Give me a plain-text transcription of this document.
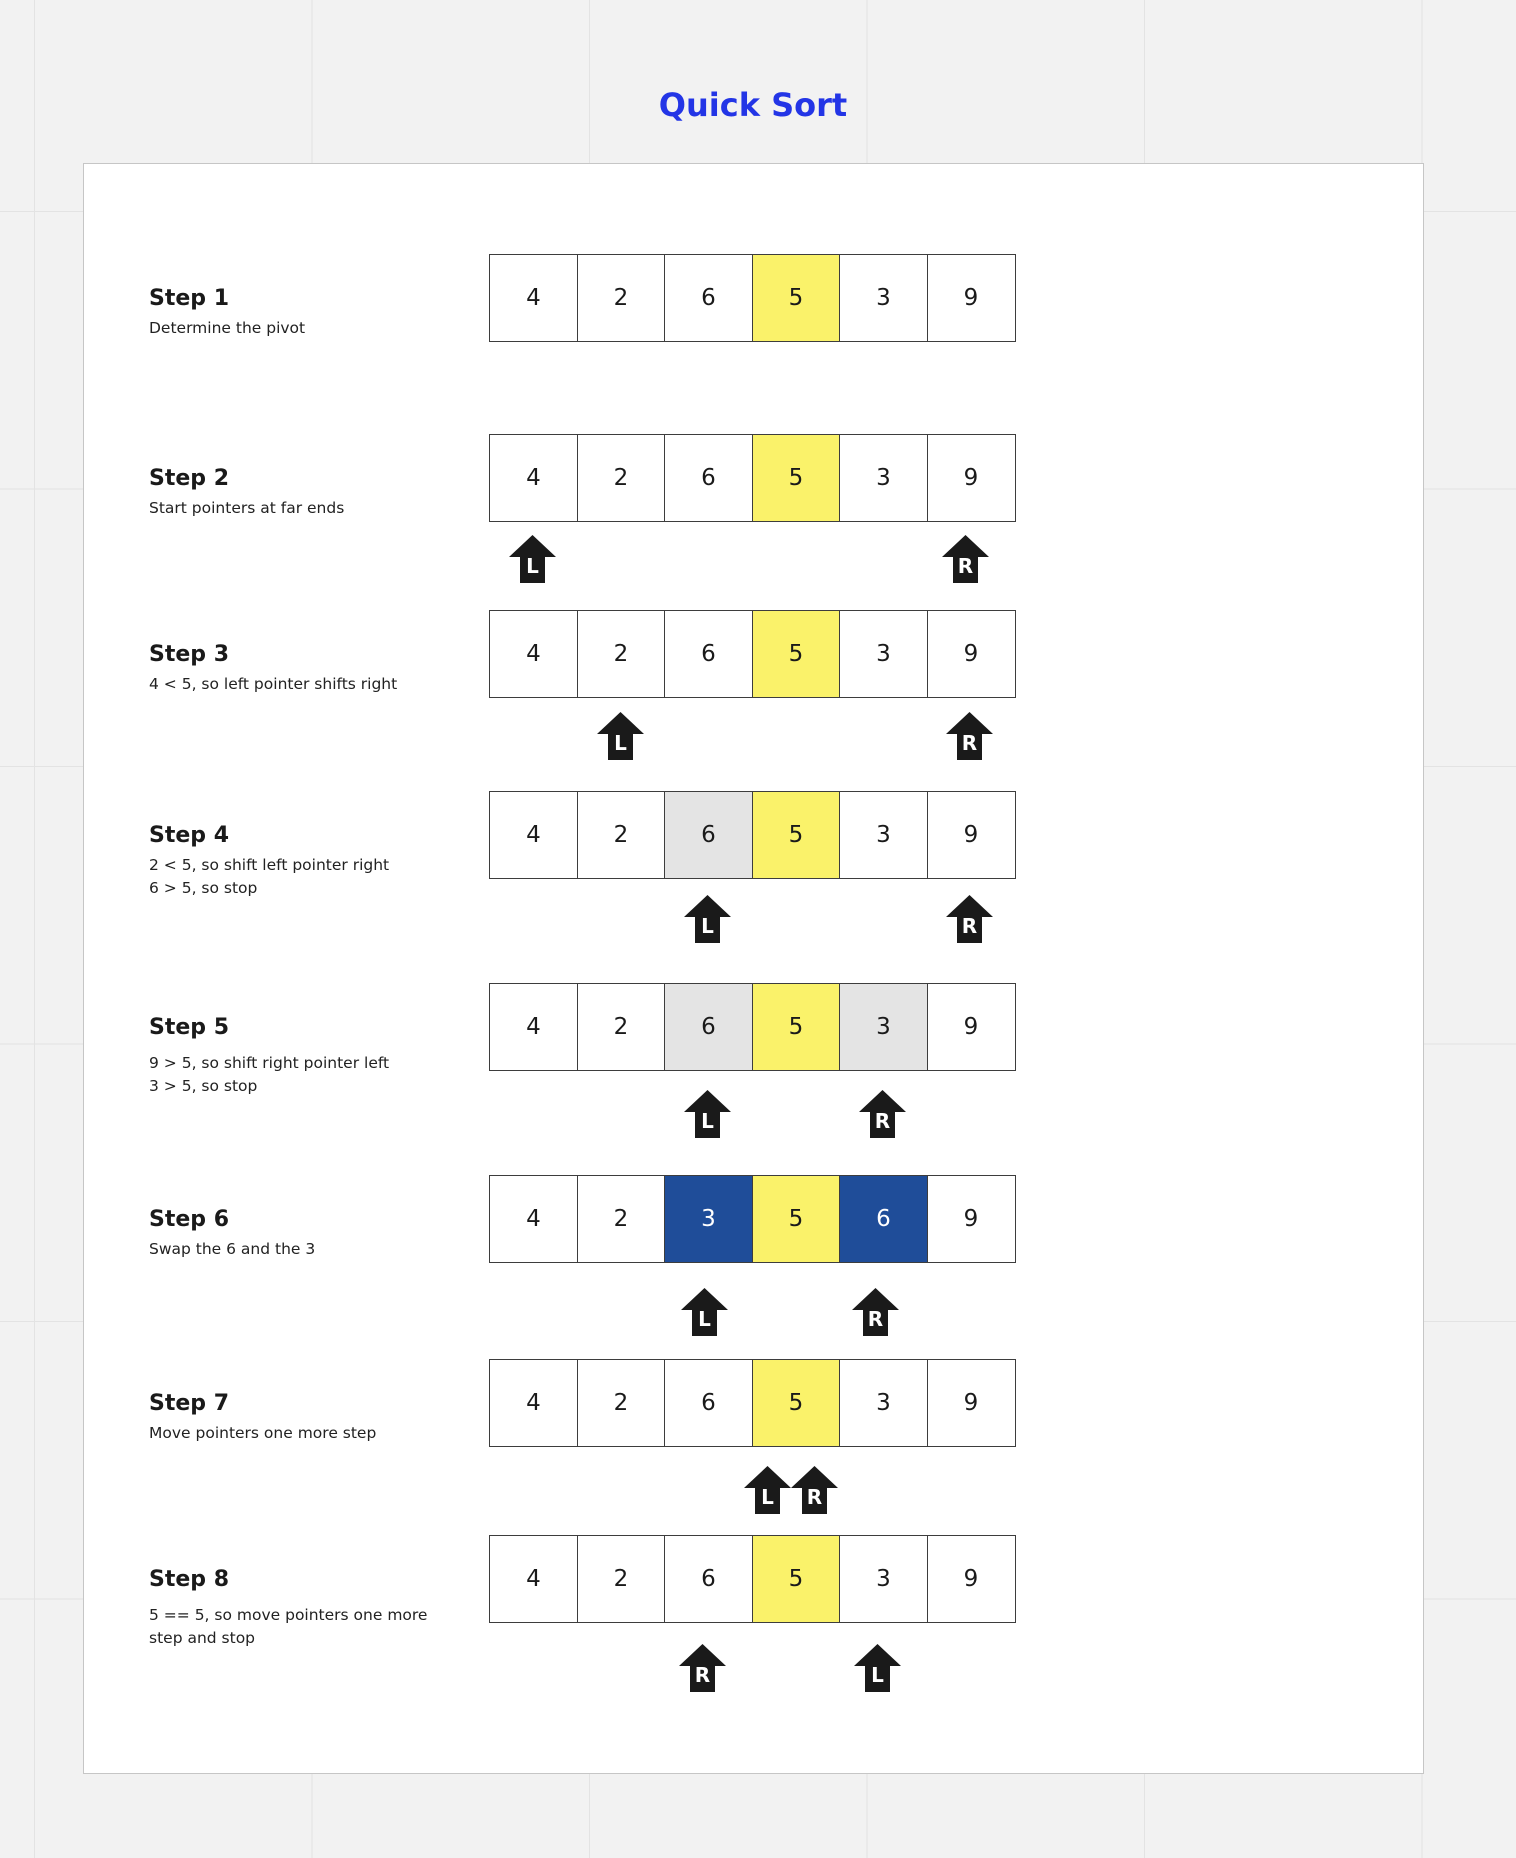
Quick Sort
Step 1
Determine the pivot
4	2	6	5	3	9
Step 2
Start pointers at far ends
4	2	6	5	3	9
L	R
Step 3
4 < 5, so left pointer shifts right
4	2	6	5	3	9
L	R
Step 4
2 < 5, so shift left pointer right
6 > 5, so stop
4	2	6	5	3	9
L	R
Step 5
9 > 5, so shift right pointer left
3 > 5, so stop
4	2	6	5	3	9
L	R
Step 6
Swap the 6 and the 3
4	2	3	5	6	9
L	R
Step 7
Move pointers one more step
4	2	6	5	3	9
L R
Step 8
5 == 5, so move pointers one more step and stop
4	2	6	5	3	9
R	L
